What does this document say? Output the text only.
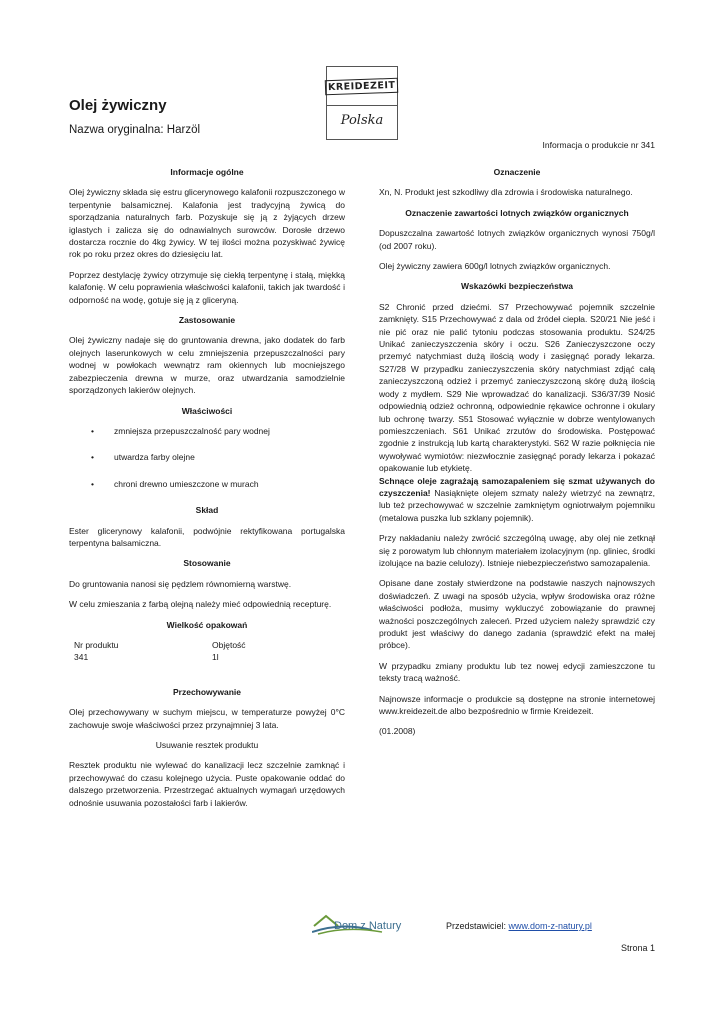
Olej żywiczny
Nazwa oryginalna: Harzöl
KREIDEZEIT
Polska
Informacja o produkcie nr 341
Informacje ogólne

Olej żywiczny składa się estru glicerynowego kalafonii rozpuszczonego w terpentynie balsamicznej. Kalafonia jest tradycyjną żywicą do sporządzania naturalnych farb. Pozyskuje się ją z żyjących drzew iglastych i zalicza się do odnawialnych surowców. Dorosłe drzewo dostarcza rocznie do 4kg żywicy. W tej ilości można pozyskiwać żywicę rok po roku przez okres do dziesięciu lat.

Poprzez destylację żywicy otrzymuje się ciekłą terpentynę i stałą, miękką kalafonię. W celu poprawienia właściwości kalafonii, takich jak twardość i odporność na wodę, gotuje się ją z gliceryną.

Zastosowanie

Olej żywiczny nadaje się do gruntowania drewna, jako dodatek do farb olejnych laserunkowych w celu zmniejszenia przepuszczalności pary wodnej w powłokach wewnątrz ram okiennych lub mocniejszego zabezpieczenia drewna w murze, oraz utwardzania samodzielnie sporządzonych lakierów olejnych.

Właściwości
• zmniejsza przepuszczalność pary wodnej
• utwardza farby olejne
• chroni drewno umieszczone w murach
Skład

Ester glicerynowy kalafonii, podwójnie rektyfikowana portugalska terpentyna balsamiczna.

Stosowanie

Do gruntowania nanosi się pędzlem równomierną warstwę.

W celu zmieszania z farbą olejną należy mieć odpowiednią recepturę.

Wielkość opakowań
Nr produktu	Objętość
341	1l
Przechowywanie

Olej przechowywany w suchym miejscu, w temperaturze powyżej 0°C zachowuje swoje właściwości przez przynajmniej 3 lata.

Usuwanie resztek produktu

Resztek produktu nie wylewać do kanalizacji lecz szczelnie zamknąć i przechowywać do czasu kolejnego użycia. Puste opakowanie oddać do dalszego przetworzenia. Przestrzegać aktualnych wymagań urzędowych odnośnie usuwania pozostałości farb i lakierów.

Oznaczenie

Xn, N. Produkt jest szkodliwy dla zdrowia i środowiska naturalnego.

Oznaczenie zawartości lotnych związków organicznych

Dopuszczalna zawartość lotnych związków organicznych wynosi 750g/l (od 2007 roku).

Olej żywiczny zawiera 600g/l lotnych związków organicznych.

Wskazówki bezpieczeństwa

S2 Chronić przed dziećmi. S7 Przechowywać pojemnik szczelnie zamknięty. S15 Przechowywać z dala od źródeł ciepła. S20/21 Nie jeść i nie pić oraz nie palić tytoniu podczas stosowania produktu. S24/25 Unikać zanieczyszczenia skóry i oczu. S26 Zanieczyszczone oczy przemyć natychmiast dużą ilością wody i zasięgnąć porady lekarza. S27/28 W przypadku zanieczyszczenia skóry natychmiast zdjąć całą zanieczyszczoną odzież i przemyć zanieczyszczoną skórę dużą ilością wody z mydłem. S29 Nie wprowadzać do kanalizacji. S36/37/39 Nosić odpowiednią odzież ochronną, odpowiednie rękawice ochronne i okulary lub ochronę twarzy. S51 Stosować wyłącznie w dobrze wentylowanych pomieszczeniach. S61 Unikać zrzutów do środowiska. Postępować zgodnie z instrukcją lub kartą charakterystyki. S62 W razie połknięcia nie wywoływać wymiotów: niezwłocznie zasięgnąć porady lekarza i pokazać opakowanie lub etykietę.

Schnące oleje zagrażają samozapaleniem się szmat używanych do czyszczenia! Nasiąknięte olejem szmaty należy wietrzyć na zewnątrz, lub też przechowywać w szczelnie zamkniętym ogniotrwałym pojemniku (metalowa puszka lub szklany pojemnik).

Przy nakładaniu należy zwrócić szczególną uwagę, aby olej nie zetknął się z porowatym lub chłonnym materiałem izolacyjnym (np. gliniec, środki izolujące na bazie celulozy). Istnieje niebezpieczeństwo samozapalenia.

Opisane dane zostały stwierdzone na podstawie naszych najnowszych doświadczeń. Z uwagi na sposób użycia, wpływ środowiska oraz różne właściwości podłoża, musimy wykluczyć zobowiązanie do prawnej ważności poszczególnych zaleceń. Przed użyciem należy sprawdzić czy produkt jest właściwy do danego zadania (sprawdzić efekt na małej próbce).

W przypadku zmiany produktu lub tez nowej edycji zamieszczone tu teksty tracą ważność.

Najnowsze informacje o produkcie są dostępne na stronie internetowej www.kreidezeit.de albo bezpośrednio w firmie Kreidezeit.

(01.2008)

Dom z Natury	Przedstawiciel: www.dom-z-natury.pl
Strona 1
